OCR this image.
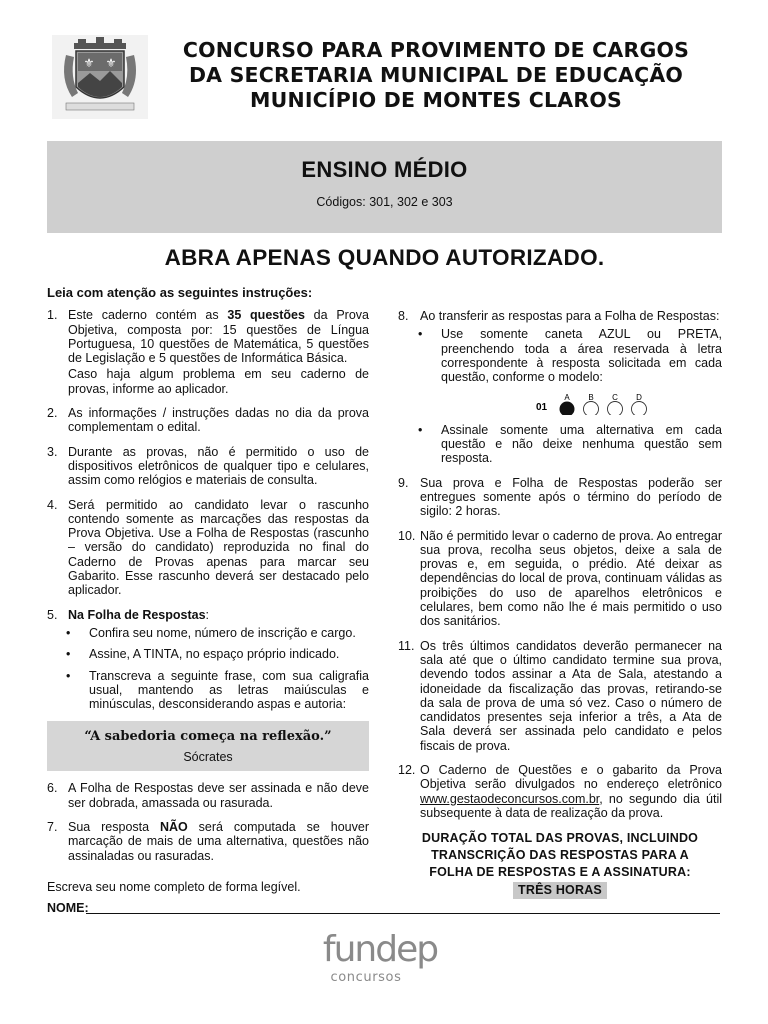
⚜ ⚜
CONCURSO PARA PROVIMENTO DE CARGOS
DA SECRETARIA MUNICIPAL DE EDUCAÇÃO
MUNICÍPIO DE MONTES CLAROS
ENSINO MÉDIO
Códigos: 301, 302 e 303
ABRA APENAS QUANDO AUTORIZADO.
Leia com atenção as seguintes instruções:
1. Este caderno contém as 35 questões da Prova Objetiva, composta por: 15 questões de Língua Portuguesa, 10 questões de Matemática, 5 questões de Legislação e 5 questões de Informática Básica.
Caso haja algum problema em seu caderno de provas, informe ao aplicador.
2. As informações / instruções dadas no dia da prova complementam o edital.
3. Durante as provas, não é permitido o uso de dispositivos eletrônicos de qualquer tipo e celulares, assim como relógios e materiais de consulta.
4. Será permitido ao candidato levar o rascunho contendo somente as marcações das respostas da Prova Objetiva. Use a Folha de Respostas (rascunho – versão do candidato) reproduzida no final do Caderno de Provas apenas para marcar seu Gabarito. Esse rascunho deverá ser destacado pelo aplicador.
5. Na Folha de Respostas:
• Confira seu nome, número de inscrição e cargo.
• Assine, A TINTA, no espaço próprio indicado.
• Transcreva a seguinte frase, com sua caligrafia usual, mantendo as letras maiúsculas e minúsculas, desconsiderando aspas e autoria:
“A sabedoria começa na reflexão.”
Sócrates
6. A Folha de Respostas deve ser assinada e não deve ser dobrada, amassada ou rasurada.
7. Sua resposta NÃO será computada se houver marcação de mais de uma alternativa, questões não assinaladas ou rasuradas.
8. Ao transferir as respostas para a Folha de Respostas:
• Use somente caneta AZUL ou PRETA, preenchendo toda a área reservada à letra correspondente à resposta solicitada em cada questão, conforme o modelo:
01
A B C D
• Assinale somente uma alternativa em cada questão e não deixe nenhuma questão sem resposta.
9. Sua prova e Folha de Respostas poderão ser entregues somente após o término do período de sigilo: 2 horas.
10. Não é permitido levar o caderno de prova. Ao entregar sua prova, recolha seus objetos, deixe a sala de provas e, em seguida, o prédio. Até deixar as dependências do local de prova, continuam válidas as proibições do uso de aparelhos eletrônicos e celulares, bem como não lhe é mais permitido o uso dos sanitários.
11. Os três últimos candidatos deverão permanecer na sala até que o último candidato termine sua prova, devendo todos assinar a Ata de Sala, atestando a idoneidade da fiscalização das provas, retirando-se da sala de prova de uma só vez. Caso o número de candidatos presentes seja inferior a três, a Ata de Sala deverá ser assinada pelo candidato e pelos fiscais de prova.
12. O Caderno de Questões e o gabarito da Prova Objetiva serão divulgados no endereço eletrônico www.gestaodeconcursos.com.br, no segundo dia útil subsequente à data de realização da prova.
DURAÇÃO TOTAL DAS PROVAS, INCLUINDO
TRANSCRIÇÃO DAS RESPOSTAS PARA A
FOLHA DE RESPOSTAS E A ASSINATURA:
TRÊS HORAS
Escreva seu nome completo de forma legível.
NOME:
fundep
concursos
